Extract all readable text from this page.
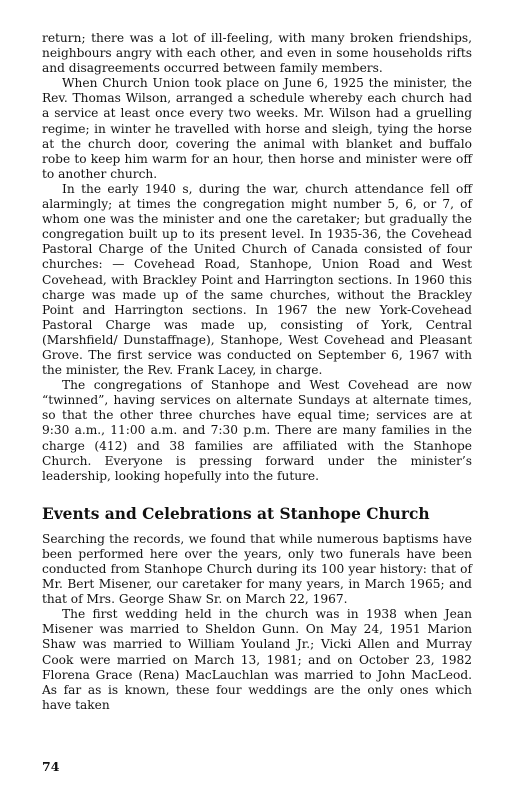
return; there was a lot of ill-feeling, with many broken friendships, neighbours angry with each other, and even in some households rifts and disagreements occurred between family members.

When Church Union took place on June 6, 1925 the minister, the Rev. Thomas Wilson, arranged a schedule whereby each church had a service at least once every two weeks. Mr. Wilson had a gruelling regime; in winter he travelled with horse and sleigh, tying the horse at the church door, covering the animal with blanket and buffalo robe to keep him warm for an hour, then horse and minister were off to another church.

In the early 1940 s, during the war, church attendance fell off alarmingly; at times the congregation might number 5, 6, or 7, of whom one was the minister and one the caretaker; but gradually the congregation built up to its present level. In 1935-36, the Covehead Pastoral Charge of the United Church of Canada consisted of four churches: — Covehead Road, Stanhope, Union Road and West Covehead, with Brackley Point and Harrington sections. In 1960 this charge was made up of the same churches, without the Brackley Point and Harrington sections. In 1967 the new York-Covehead Pastoral Charge was made up, consisting of York, Central (Marshfield/ Dunstaffnage), Stanhope, West Covehead and Pleasant Grove. The first service was conducted on September 6, 1967 with the minister, the Rev. Frank Lacey, in charge.

The congregations of Stanhope and West Covehead are now “twinned”, having services on alternate Sundays at alternate times, so that the other three churches have equal time; services are at 9:30 a.m., 11:00 a.m. and 7:30 p.m. There are many families in the charge (412) and 38 families are affiliated with the Stanhope Church. Everyone is pressing forward under the minister’s leadership, looking hopefully into the future.

Events and Celebrations at Stanhope Church

Searching the records, we found that while numerous baptisms have been performed here over the years, only two funerals have been conducted from Stanhope Church during its 100 year history: that of Mr. Bert Misener, our caretaker for many years, in March 1965; and that of Mrs. George Shaw Sr. on March 22, 1967.

The first wedding held in the church was in 1938 when Jean Misener was married to Sheldon Gunn. On May 24, 1951 Marion Shaw was married to William Youland Jr.; Vicki Allen and Murray Cook were married on March 13, 1981; and on October 23, 1982 Florena Grace (Rena) MacLauchlan was married to John MacLeod. As far as is known, these four weddings are the only ones which have taken

74
